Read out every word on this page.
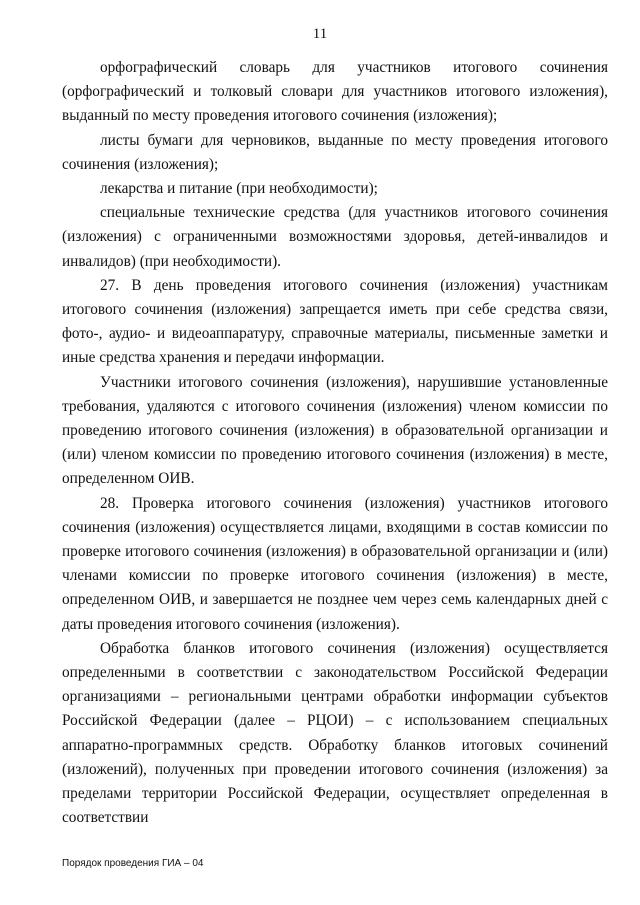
11

орфографический словарь для участников итогового сочинения (орфографический и толковый словари для участников итогового изложения), выданный по месту проведения итогового сочинения (изложения);

листы бумаги для черновиков, выданные по месту проведения итогового сочинения (изложения);

лекарства и питание (при необходимости);

специальные технические средства (для участников итогового сочинения (изложения) с ограниченными возможностями здоровья, детей-инвалидов и инвалидов) (при необходимости).

27. В день проведения итогового сочинения (изложения) участникам итогового сочинения (изложения) запрещается иметь при себе средства связи, фото-, аудио- и видеоаппаратуру, справочные материалы, письменные заметки и иные средства хранения и передачи информации.

Участники итогового сочинения (изложения), нарушившие установленные требования, удаляются с итогового сочинения (изложения) членом комиссии по проведению итогового сочинения (изложения) в образовательной организации и (или) членом комиссии по проведению итогового сочинения (изложения) в месте, определенном ОИВ.

28. Проверка итогового сочинения (изложения) участников итогового сочинения (изложения) осуществляется лицами, входящими в состав комиссии по проверке итогового сочинения (изложения) в образовательной организации и (или) членами комиссии по проверке итогового сочинения (изложения) в месте, определенном ОИВ, и завершается не позднее чем через семь календарных дней с даты проведения итогового сочинения (изложения).

Обработка бланков итогового сочинения (изложения) осуществляется определенными в соответствии с законодательством Российской Федерации организациями – региональными центрами обработки информации субъектов Российской Федерации (далее – РЦОИ) – с использованием специальных аппаратно-программных средств. Обработку бланков итоговых сочинений (изложений), полученных при проведении итогового сочинения (изложения) за пределами территории Российской Федерации, осуществляет определенная в соответствии

Порядок проведения ГИА – 04
